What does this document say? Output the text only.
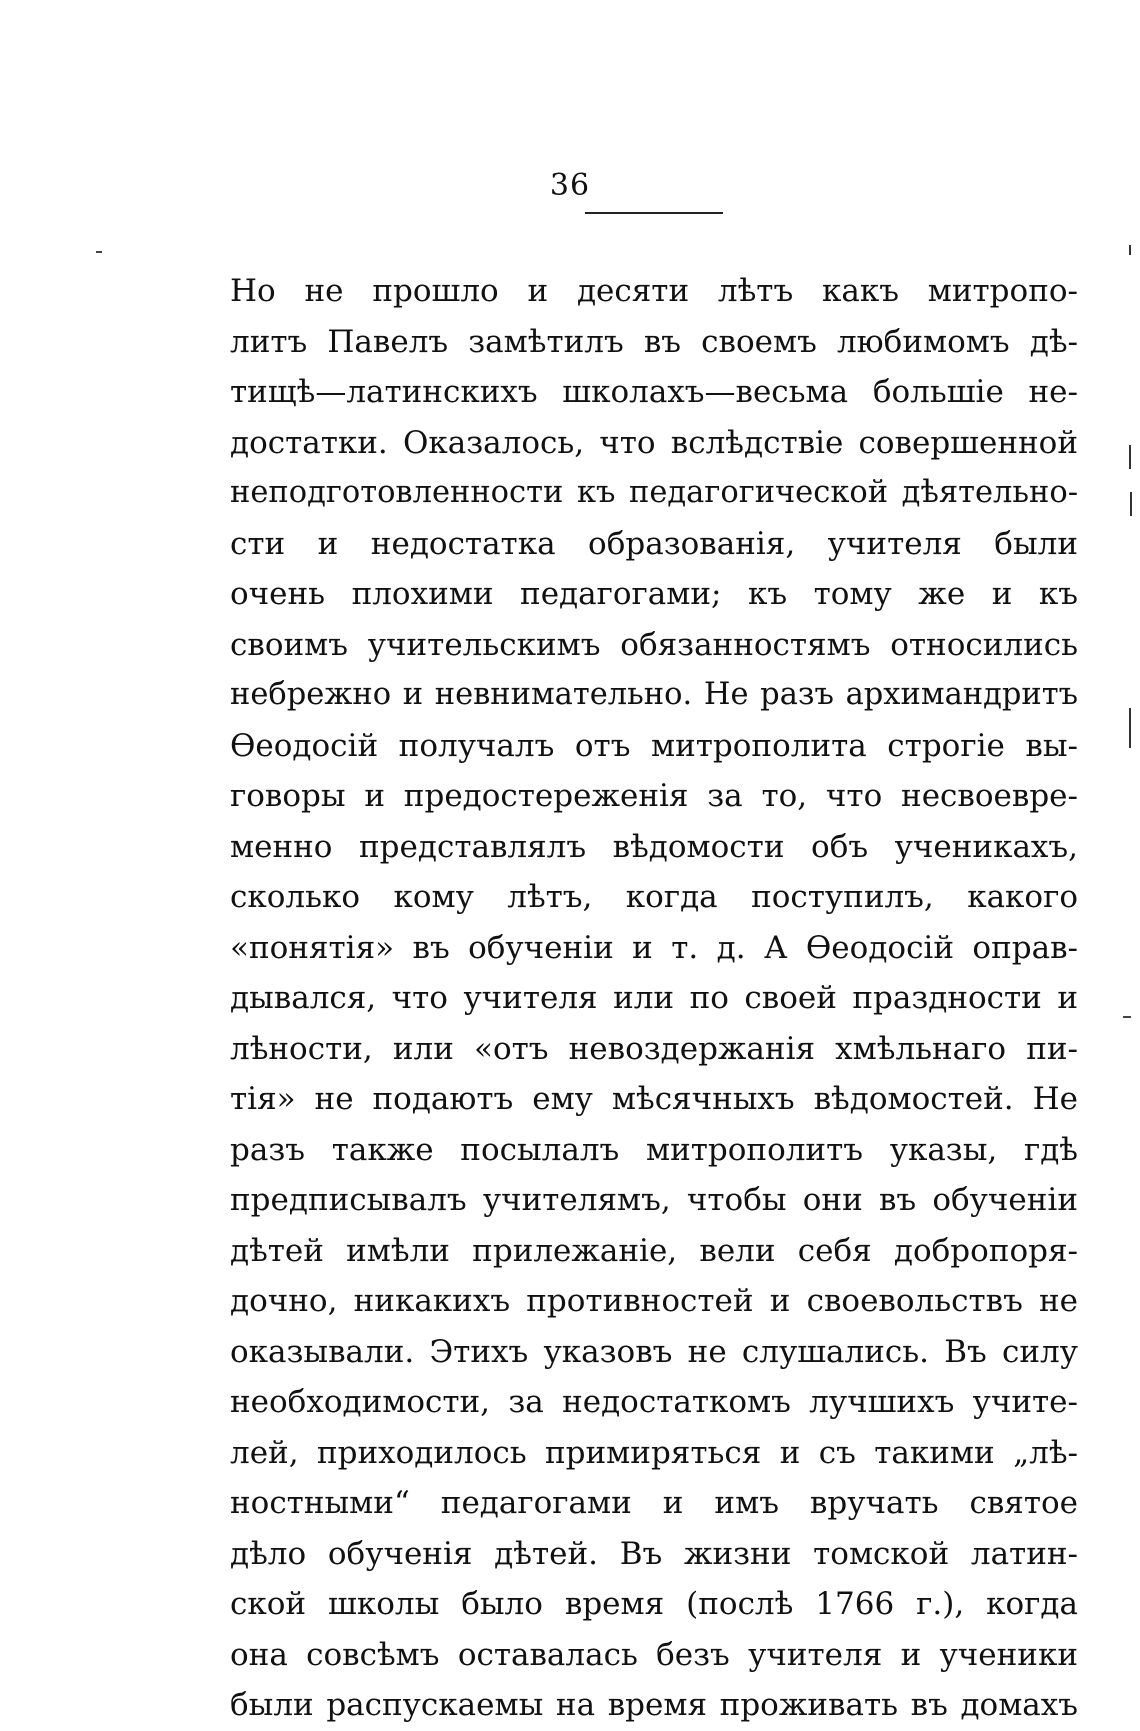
36
Но не прошло и десяти лѣтъ какъ митропо-
литъ Павелъ замѣтилъ въ своемъ любимомъ дѣ-
тищѣ—латинскихъ школахъ—весьма большіе не-
достатки. Оказалось, что вслѣдствіе совершенной
неподготовленности къ педагогической дѣятельно-
сти и недостатка образованія, учителя были
очень плохими педагогами; къ тому же и къ
своимъ учительскимъ обязанностямъ относились
небрежно и невнимательно. Не разъ архимандритъ
Ѳеодосій получалъ отъ митрополита строгіе вы-
говоры и предостереженія за то, что несвоевре-
менно представлялъ вѣдомости объ ученикахъ,
сколько кому лѣтъ, когда поступилъ, какого
«понятія» въ обученіи и т. д. А Ѳеодосій оправ-
дывался, что учителя или по своей праздности и
лѣности, или «отъ невоздержанія хмѣльнаго пи-
тія» не подаютъ ему мѣсячныхъ вѣдомостей. Не
разъ также посылалъ митрополитъ указы, гдѣ
предписывалъ учителямъ, чтобы они въ обученіи
дѣтей имѣли прилежаніе, вели себя добропоря-
дочно, никакихъ противностей и своевольствъ не
оказывали. Этихъ указовъ не слушались. Въ силу
необходимости, за недостаткомъ лучшихъ учите-
лей, приходилось примиряться и съ такими „лѣ-
ностными“ педагогами и имъ вручать святое
дѣло обученія дѣтей. Въ жизни томской латин-
ской школы было время (послѣ 1766 г.), когда
она совсѣмъ оставалась безъ учителя и ученики
были распускаемы на время проживать въ домахъ
